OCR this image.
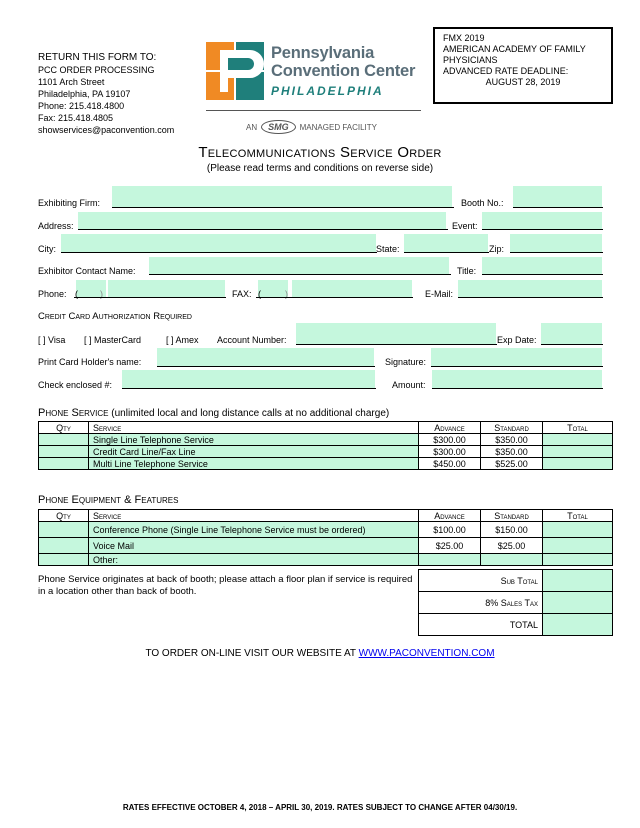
RETURN THIS FORM TO:
PCC ORDER PROCESSING
1101 Arch Street
Philadelphia, PA 19107
Phone: 215.418.4800
Fax: 215.418.4805
showservices@paconvention.com
Pennsylvania
Convention Center
PHILADELPHIA
AN	SMG	MANAGED FACILITY
FMX 2019
AMERICAN ACADEMY OF FAMILY PHYSICIANS
ADVANCED RATE DEADLINE:
AUGUST 28, 2019
Telecommunications Service Order
(Please read terms and conditions on reverse side)
Exhibiting Firm:	Booth No.:
Address:	Event:
City:	State:	Zip:
Exhibitor Contact Name:	Title:
Phone: ( )	FAX: (	)	E-Mail:
Credit Card Authorization Required
[ ] Visa [ ] MasterCard	[ ] Amex Account Number:	Exp Date:
Print Card Holder's name:	Signature:
Check enclosed #:	Amount:
Phone Service (unlimited local and long distance calls at no additional charge)
Qty	Service	Advance	Standard	Total
	Single Line Telephone Service	$300.00	$350.00	
	Credit Card Line/Fax Line	$300.00	$350.00	
	Multi Line Telephone Service	$450.00	$525.00	
Phone Equipment & Features
Qty	Service	Advance	Standard	Total
	Conference Phone (Single Line Telephone Service must be ordered)	$100.00	$150.00	
	Voice Mail	$25.00	$25.00	
	Other:			
Phone Service originates at back of booth; please attach a floor plan if service is required in a location other than back of booth.
Sub Total	
8% Sales Tax	
TOTAL	
TO ORDER ON-LINE VISIT OUR WEBSITE AT WWW.PACONVENTION.COM
RATES EFFECTIVE OCTOBER 4, 2018 – APRIL 30, 2019. RATES SUBJECT TO CHANGE AFTER 04/30/19.
